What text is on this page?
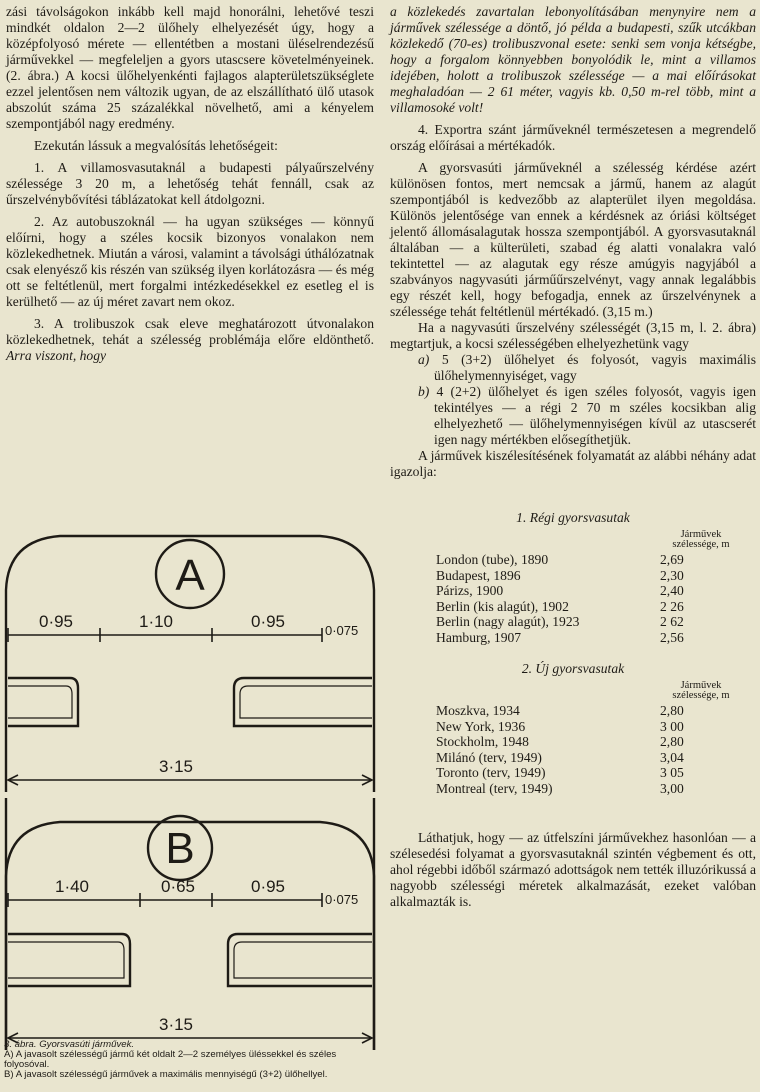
zási távolságokon inkább kell majd honorálni, lehetővé teszi mindkét oldalon 2—2 ülőhely elhelyezését úgy, hogy a középfolyosó mérete — ellentétben a mostani üléselrendezésű járművekkel — megfeleljen a gyors utascsere követelményeinek. (2. ábra.) A kocsi ülőhelyenkénti fajlagos alapterületszükséglete ezzel jelentősen nem változik ugyan, de az elszállítható ülő utasok abszolút száma 25 százalékkal növelhető, ami a kényelem szempontjából nagy eredmény.

Ezekután lássuk a megvalósítás lehetőségeit:

1. A villamosvasutaknál a budapesti pályaűrszelvény szélessége 3 20 m, a lehetőség tehát fennáll, csak az űrszelvénybővítési táblázatokat kell átdolgozni.

2. Az autobuszoknál — ha ugyan szükséges — könnyű előírni, hogy a széles kocsik bizonyos vonalakon nem közlekedhetnek. Miután a városi, valamint a távolsági úthálózatnak csak elenyésző kis részén van szükség ilyen korlátozásra — és még ott se feltétlenül, mert forgalmi intézkedésekkel ez esetleg el is kerülhető — az új méret zavart nem okoz.

3. A trolibuszok csak eleve meghatározott útvonalakon közlekedhetnek, tehát a szélesség problémája előre eldönthető. Arra viszont, hogy

A
0·95	1·10	0·95	0·075
3·15
B
1·40	0·65	0·95
0·075
3·15
3. ábra. Gyorsvasúti járművek.
A) A javasolt szélességű jármű két oldalt 2—2 személyes üléssekkel és széles folyosóval.
B) A javasolt szélességű járművek a maximális mennyiségű (3+2) ülőhellyel.

a közlekedés zavartalan lebonyolításában menynyire nem a járművek szélessége a döntő, jó példa a budapesti, szűk utcákban közlekedő (70-es) trolibuszvonal esete: senki sem vonja kétségbe, hogy a forgalom könnyebben bonyolódik le, mint a villamos idejében, holott a trolibuszok szélessége — a mai előírásokat meghaladóan — 2 61 méter, vagyis kb. 0,50 m-rel több, mint a villamosoké volt!

4. Exportra szánt járműveknél természetesen a megrendelő ország előírásai a mértékadók.

A gyorsvasúti járműveknél a szélesség kérdése azért különösen fontos, mert nemcsak a jármű, hanem az alagút szempontjából is kedvezőbb az alapterület ilyen megoldása. Különös jelentősége van ennek a kérdésnek az óriási költséget jelentő állomásalagutak hossza szempontjából. A gyorsvasutaknál általában — a külterületi, szabad ég alatti vonalakra való tekintettel — az alagutak egy része amúgyis nagyjából a szabványos nagyvasúti járműűrszelvényt, vagy annak legalábbis egy részét kell, hogy befogadja, ennek az űrszelvénynek a szélessége tehát feltétlenül mértékadó. (3,15 m.)

Ha a nagyvasúti űrszelvény szélességét (3,15 m, l. 2. ábra) megtartjuk, a kocsi szélességében elhelyezhetünk vagy

a) 5 (3+2) ülőhelyet és folyosót, vagyis maximális ülőhelymennyiséget, vagy

b) 4 (2+2) ülőhelyet és igen széles folyosót, vagyis igen tekintélyes — a régi 2 70 m széles kocsikban alig elhelyezhető — ülőhelymennyiségen kívül az utascserét igen nagy mértékben elősegíthetjük.

A járművek kiszélesítésének folyamatát az alábbi néhány adat igazolja:

1. Régi gyorsvasutak

	Járművek
szélessége, m

London (tube), 1890	2,69
Budapest, 1896	2,30
Párizs, 1900	2,40
Berlin (kis alagút), 1902	2 26
Berlin (nagy alagút), 1923	2 62
Hamburg, 1907	2,56
2. Új gyorsvasutak

	Járművek
szélessége, m

Moszkva, 1934	2,80
New York, 1936	3 00
Stockholm, 1948	2,80
Milánó (terv, 1949)	3,04
Toronto (terv, 1949)	3 05
Montreal (terv, 1949)	3,00

Láthatjuk, hogy — az útfelszíni járművekhez hasonlóan — a szélesedési folyamat a gyorsvasutaknál szintén végbement és ott, ahol régebbi időből származó adottságok nem tették illuzórikussá a nagyobb szélességi méretek alkalmazását, ezeket valóban alkalmazták is.
